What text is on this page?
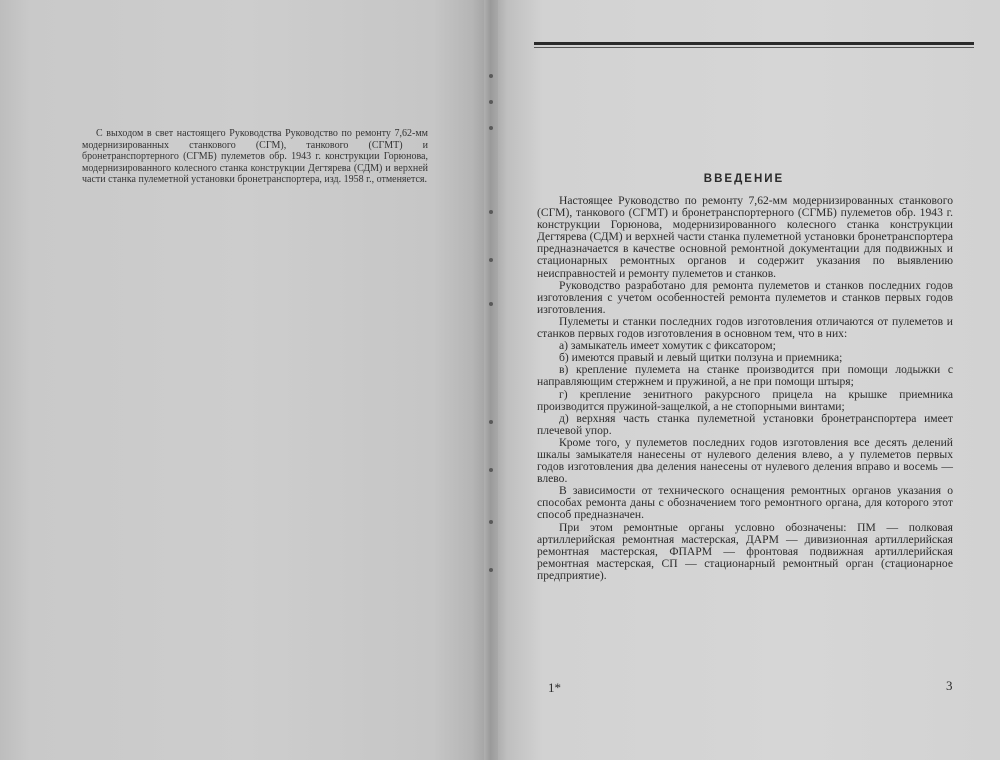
С выходом в свет настоящего Руководства Руководство по ремонту 7,62-мм модернизированных станкового (СГМ), танкового (СГМТ) и бронетранспортерного (СГМБ) пулеметов обр. 1943 г. конструкции Горюнова, модернизированного колесного станка конструкции Дегтярева (СДМ) и верхней части станка пулеметной установки бронетранспортера, изд. 1958 г., отменяется.	ВВЕДЕНИЕ

Настоящее Руководство по ремонту 7,62-мм модернизированных станкового (СГМ), танкового (СГМТ) и бронетранспортерного (СГМБ) пулеметов обр. 1943 г. конструкции Горюнова, модернизированного колесного станка конструкции Дегтярева (СДМ) и верхней части станка пулеметной установки бронетранспортера предназначается в качестве основной ремонтной документации для подвижных и стационарных ремонтных органов и содержит указания по выявлению неисправностей и ремонту пулеметов и станков.

Руководство разработано для ремонта пулеметов и станков последних годов изготовления с учетом особенностей ремонта пулеметов и станков первых годов изготовления.

Пулеметы и станки последних годов изготовления отличаются от пулеметов и станков первых годов изготовления в основном тем, что в них:

а) замыкатель имеет хомутик с фиксатором;

б) имеются правый и левый щитки ползуна и приемника;

в) крепление пулемета на станке производится при помощи лодыжки с направляющим стержнем и пружиной, а не при помощи штыря;

г) крепление зенитного ракурсного прицела на крышке приемника производится пружиной-защелкой, а не стопорными винтами;

д) верхняя часть станка пулеметной установки бронетранспортера имеет плечевой упор.

Кроме того, у пулеметов последних годов изготовления все десять делений шкалы замыкателя нанесены от нулевого деления влево, а у пулеметов первых годов изготовления два деления нанесены от нулевого деления вправо и восемь — влево.

В зависимости от технического оснащения ремонтных органов указания о способах ремонта даны с обозначением того ремонтного органа, для которого этот способ предназначен.

При этом ремонтные органы условно обозначены: ПМ — полковая артиллерийская ремонтная мастерская, ДАРМ — дивизионная артиллерийская ремонтная мастерская, ФПАРМ — фронтовая подвижная артиллерийская ремонтная мастерская, СП — стационарный ремонтный орган (стационарное предприятие).

1*	3
